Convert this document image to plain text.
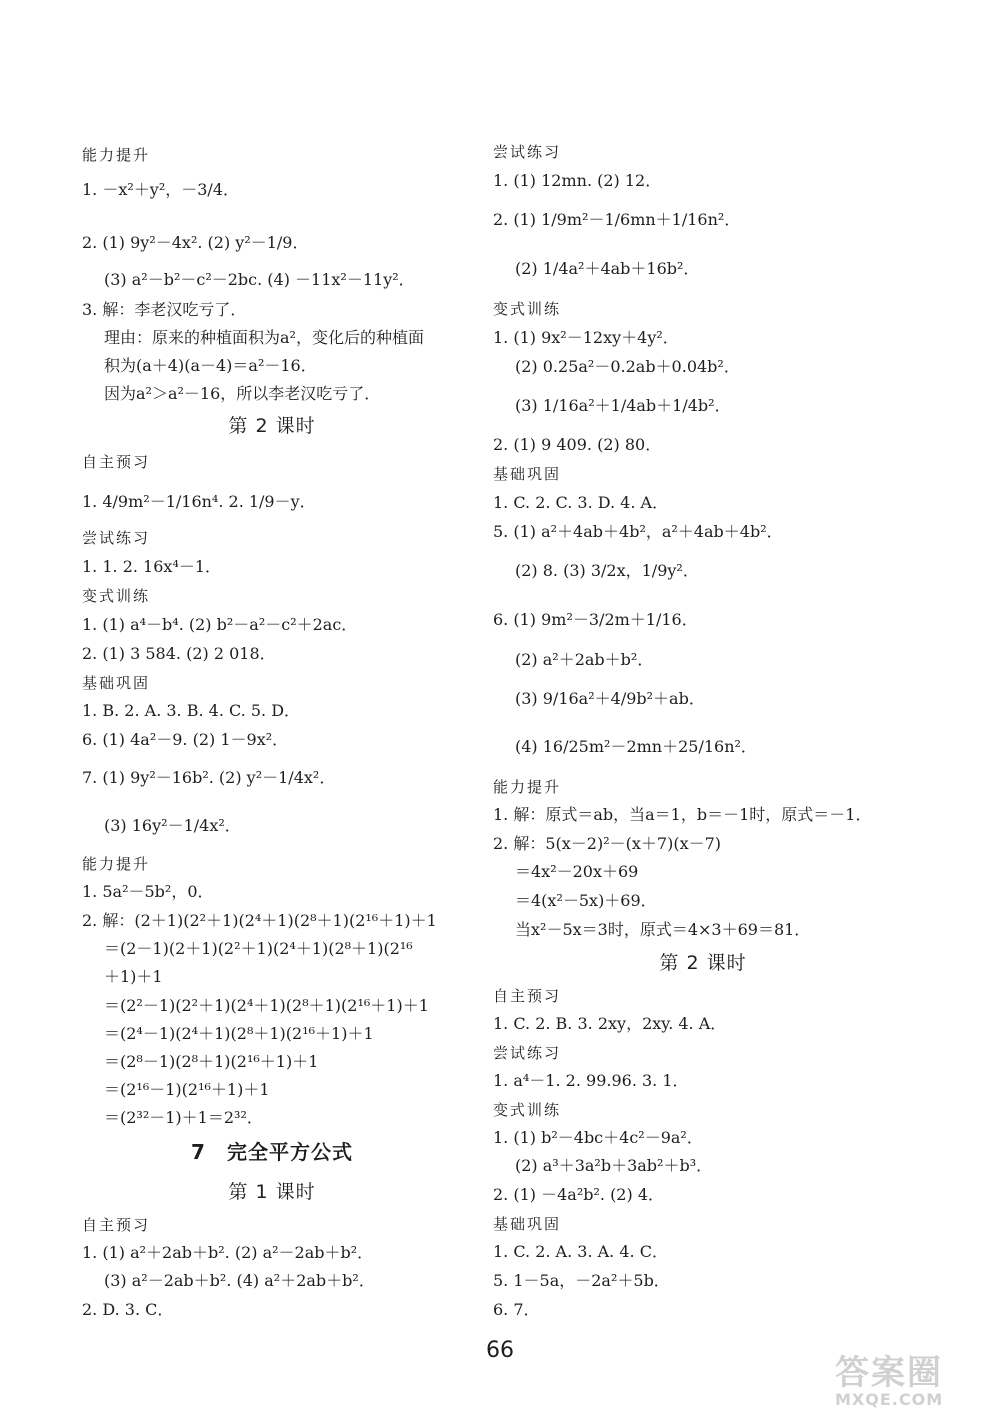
能力提升
1. －x²＋y²，－3/4．
2. (1) 9y²－4x². (2) y²－1/9．
(3) a²－b²－c²－2bc. (4) －11x²－11y²．
3. 解：李老汉吃亏了．
理由：原来的种植面积为a²，变化后的种植面
积为(a＋4)(a－4)＝a²－16．
因为a²＞a²－16，所以李老汉吃亏了．
第 2 课时
自主预习
1. 4/9m²－1/16n⁴. 2. 1/9－y．
尝试练习
1. 1. 2. 16x⁴－1．
变式训练
1. (1) a⁴－b⁴. (2) b²－a²－c²＋2ac．
2. (1) 3 584. (2) 2 018．
基础巩固
1. B. 2. A. 3. B. 4. C. 5. D．
6. (1) 4a²－9. (2) 1－9x²．
7. (1) 9y²－16b². (2) y²－1/4x²．
(3) 16y²－1/4x²．
能力提升
1. 5a²－5b²，0．
2. 解：(2＋1)(2²＋1)(2⁴＋1)(2⁸＋1)(2¹⁶＋1)＋1
＝(2－1)(2＋1)(2²＋1)(2⁴＋1)(2⁸＋1)(2¹⁶
＋1)＋1
＝(2²－1)(2²＋1)(2⁴＋1)(2⁸＋1)(2¹⁶＋1)＋1
＝(2⁴－1)(2⁴＋1)(2⁸＋1)(2¹⁶＋1)＋1
＝(2⁸－1)(2⁸＋1)(2¹⁶＋1)＋1
＝(2¹⁶－1)(2¹⁶＋1)＋1
＝(2³²－1)＋1＝2³²．
7　完全平方公式
第 1 课时
自主预习
1. (1) a²＋2ab＋b². (2) a²－2ab＋b²．
(3) a²－2ab＋b². (4) a²＋2ab＋b²．
2. D. 3. C．
尝试练习
1. (1) 12mn. (2) 12．
2. (1) 1/9m²－1/6mn＋1/16n²．
(2) 1/4a²＋4ab＋16b²．
变式训练
1. (1) 9x²－12xy＋4y²．
(2) 0.25a²－0.2ab＋0.04b²．
(3) 1/16a²＋1/4ab＋1/4b²．
2. (1) 9 409. (2) 80．
基础巩固
1. C. 2. C. 3. D. 4. A．
5. (1) a²＋4ab＋4b²，a²＋4ab＋4b²．
(2) 8. (3) 3/2x，1/9y²．
6. (1) 9m²－3/2m＋1/16．
(2) a²＋2ab＋b²．
(3) 9/16a²＋4/9b²＋ab．
(4) 16/25m²－2mn＋25/16n²．
能力提升
1. 解：原式＝ab，当a＝1，b＝－1时，原式＝－1．
2. 解：5(x－2)²－(x＋7)(x－7)
＝4x²－20x＋69
＝4(x²－5x)＋69．
当x²－5x＝3时，原式＝4×3＋69＝81．
第 2 课时
自主预习
1. C. 2. B. 3. 2xy，2xy. 4. A．
尝试练习
1. a⁴－1. 2. 99.96. 3. 1．
变式训练
1. (1) b²－4bc＋4c²－9a²．
(2) a³＋3a²b＋3ab²＋b³．
2. (1) －4a²b². (2) 4．
基础巩固
1. C. 2. A. 3. A. 4. C．
5. 1－5a，－2a²＋5b．
6. 7．
66
答案圈
MXQE.COM
